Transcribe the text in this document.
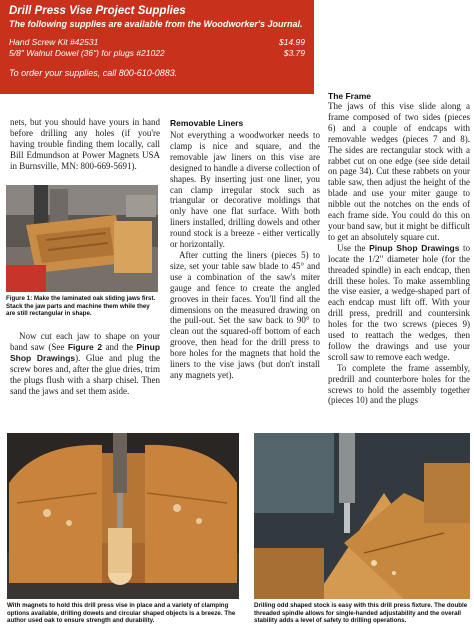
Drill Press Vise Project Supplies
The following supplies are available from the Woodworker's Journal.
Hand Screw Kit #42531	$14.99
5/8" Walnut Dowel (36") for plugs #21022	$3.79
To order your supplies, call 800-610-0883.

nets, but you should have yours in hand before drilling any holes (if you're having trouble finding them locally, call Bill Edmundson at Power Magnets USA in Burnsville, MN: 800-669-5691).

Figure 1: Make the laminated oak sliding jaws first. Stack the jaw parts and machine them while they are still rectangular in shape.

Now cut each jaw to shape on your band saw (See Figure 2 and the Pinup Shop Drawings). Glue and plug the screw bores and, after the glue dries, trim the plugs flush with a sharp chisel. Then sand the jaws and set them aside.

Removable Liners

Not everything a woodworker needs to clamp is nice and square, and the removable jaw liners on this vise are designed to handle a diverse collection of shapes. By inserting just one liner, you can clamp irregular stock such as triangular or decorative moldings that only have one flat surface. With both liners installed, drilling dowels and other round stock is a breeze - either vertically or horizontally.

After cutting the liners (pieces 5) to size, set your table saw blade to 45° and use a combination of the saw's miter gauge and fence to create the angled grooves in their faces. You'll find all the dimensions on the measured drawing on the pull-out. Set the saw back to 90° to clean out the squared-off bottom of each groove, then head for the drill press to bore holes for the magnets that hold the liners to the vise jaws (but don't install any magnets yet).

The Frame

The jaws of this vise slide along a frame composed of two sides (pieces 6) and a couple of endcaps with removable wedges (pieces 7 and 8). The sides are rectangular stock with a rabbet cut on one edge (see side detail on page 34). Cut these rabbets on your table saw, then adjust the height of the blade and use your miter gauge to nibble out the notches on the ends of each frame side. You could do this on your band saw, but it might be difficult to get an absolutely square cut.

Use the Pinup Shop Drawings to locate the 1/2" diameter hole (for the threaded spindle) in each endcap, then drill these holes. To make assembling the vise easier, a wedge-shaped part of each endcap must lift off. With your drill press, predrill and countersink holes for the two screws (pieces 9) used to reattach the wedges, then follow the drawings and use your scroll saw to remove each wedge.

To complete the frame assembly, predrill and counterbore holes for the screws to hold the assembly together (pieces 10) and the plugs

With magnets to hold this drill press vise in place and a variety of clamping options available, drilling dowels and circular shaped objects is a breeze. The author used oak to ensure strength and durability.
Drilling odd shaped stock is easy with this drill press fixture. The double threaded spindle allows for single-handed adjustability and the overall stability adds a level of safety to drilling operations.
